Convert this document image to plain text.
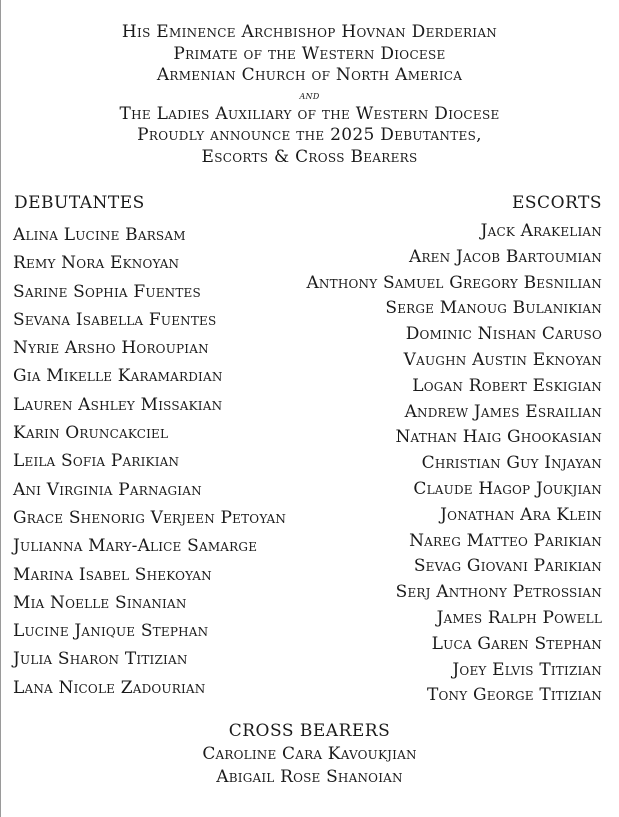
His Eminence Archbishop Hovnan Derderian
Primate of the Western Diocese
Armenian Church of North America
and
The Ladies Auxiliary of the Western Diocese
Proudly announce the 2025 Debutantes,
Escorts & Cross Bearers
DEBUTANTES	ESCORTS
Alina Lucine Barsam
Remy Nora Eknoyan
Sarine Sophia Fuentes
Sevana Isabella Fuentes
Nyrie Arsho Horoupian
Gia Mikelle Karamardian
Lauren Ashley Missakian
Karin Oruncakciel
Leila Sofia Parikian
Ani Virginia Parnagian
Grace Shenorig Verjeen Petoyan
Julianna Mary-Alice Samarge
Marina Isabel Shekoyan
Mia Noelle Sinanian
Lucine Janique Stephan
Julia Sharon Titizian
Lana Nicole Zadourian
Jack Arakelian
Aren Jacob Bartoumian
Anthony Samuel Gregory Besnilian
Serge Manoug Bulanikian
Dominic Nishan Caruso
Vaughn Austin Eknoyan
Logan Robert Eskigian
Andrew James Esrailian
Nathan Haig Ghookasian
Christian Guy Injayan
Claude Hagop Joukjian
Jonathan Ara Klein
Nareg Matteo Parikian
Sevag Giovani Parikian
Serj Anthony Petrossian
James Ralph Powell
Luca Garen Stephan
Joey Elvis Titizian
Tony George Titizian
CROSS BEARERS
Caroline Cara Kavoukjian
Abigail Rose Shanoian
